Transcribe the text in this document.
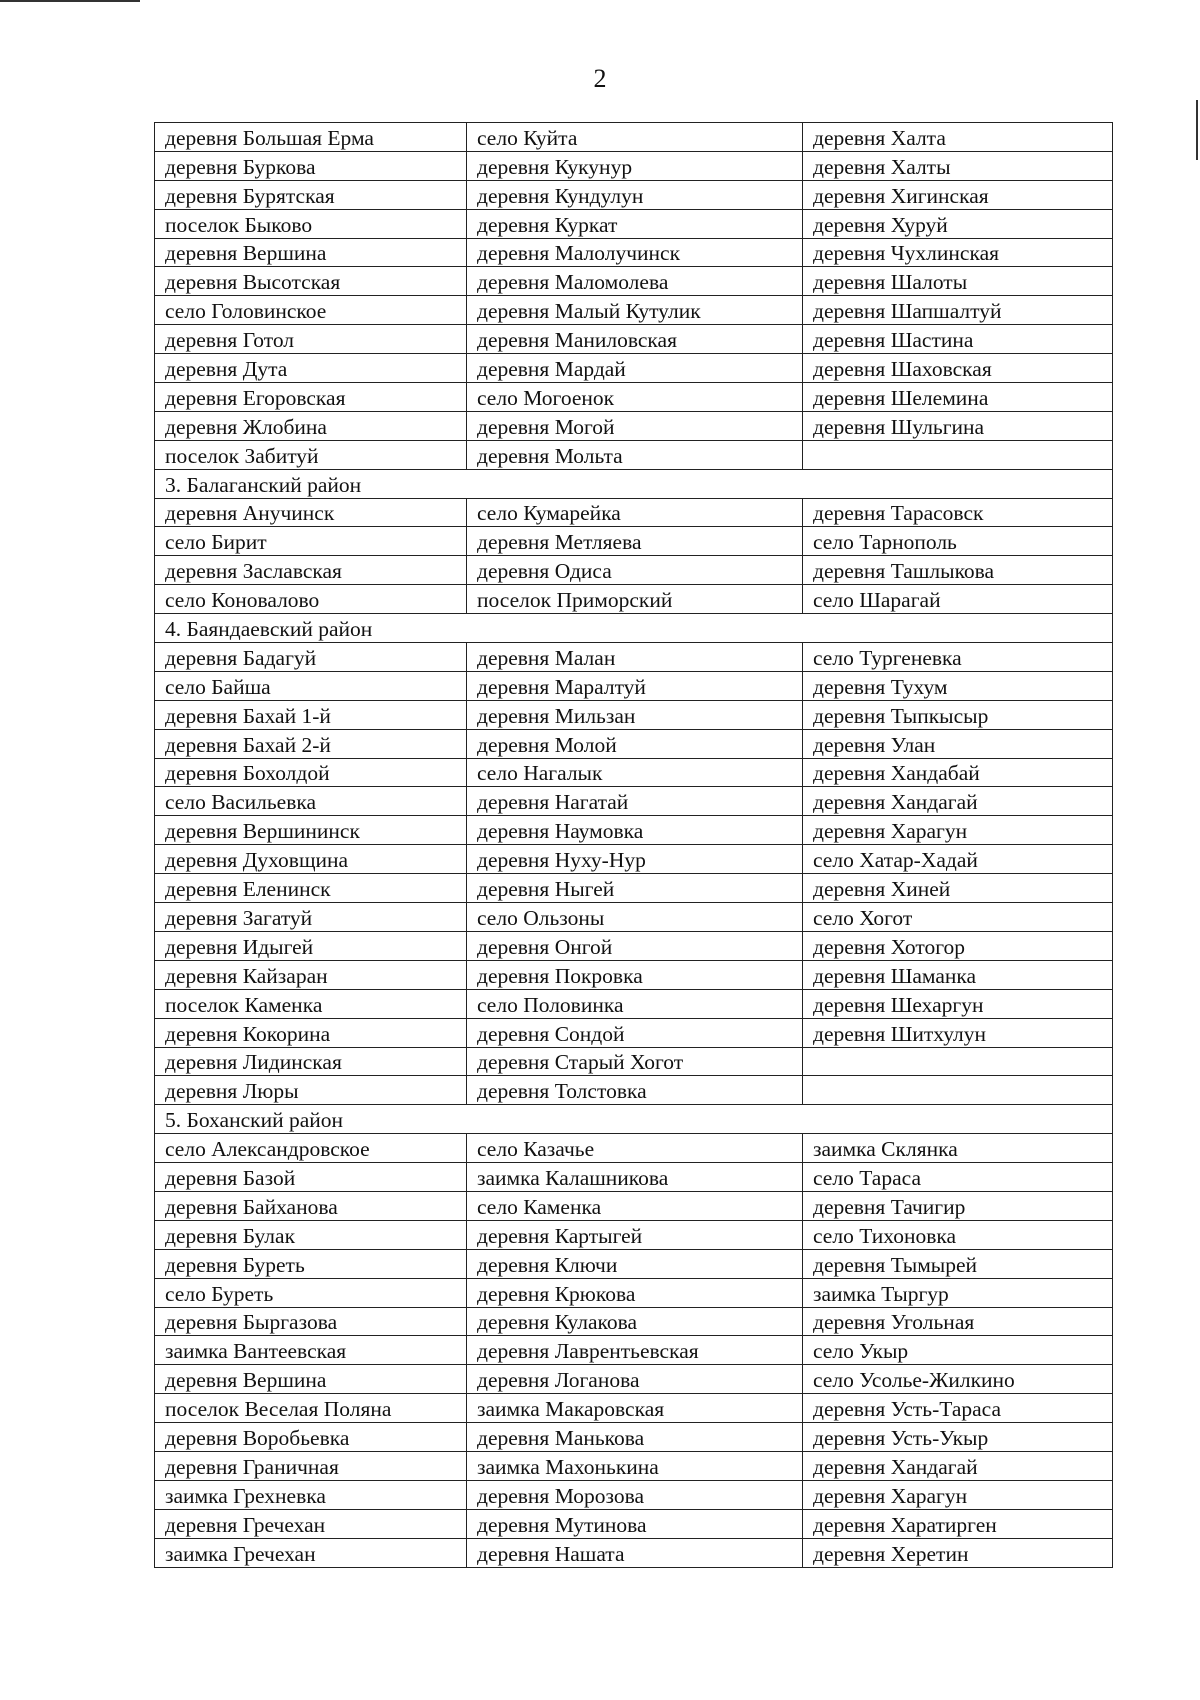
2
деревня Большая Ерма	село Куйта	деревня Халта
деревня Буркова	деревня Кукунур	деревня Халты
деревня Бурятская	деревня Кундулун	деревня Хигинская
поселок Быково	деревня Куркат	деревня Хуруй
деревня Вершина	деревня Малолучинск	деревня Чухлинская
деревня Высотская	деревня Маломолева	деревня Шалоты
село Головинское	деревня Малый Кутулик	деревня Шапшалтуй
деревня Готол	деревня Маниловская	деревня Шастина
деревня Дута	деревня Мардай	деревня Шаховская
деревня Егоровская	село Могоенок	деревня Шелемина
деревня Жлобина	деревня Могой	деревня Шульгина
поселок Забитуй	деревня Мольта	
3. Балаганский район		
деревня Анучинск	село Кумарейка	деревня Тарасовск
село Бирит	деревня Метляева	село Тарнополь
деревня Заславская	деревня Одиса	деревня Ташлыкова
село Коновалово	поселок Приморский	село Шарагай
4. Баяндаевский район		
деревня Бадагуй	деревня Малан	село Тургеневка
село Байша	деревня Маралтуй	деревня Тухум
деревня Бахай 1-й	деревня Мильзан	деревня Тыпкысыр
деревня Бахай 2-й	деревня Молой	деревня Улан
деревня Бохолдой	село Нагалык	деревня Хандабай
село Васильевка	деревня Нагатай	деревня Хандагай
деревня Вершининск	деревня Наумовка	деревня Харагун
деревня Духовщина	деревня Нуху-Нур	село Хатар-Хадай
деревня Еленинск	деревня Ныгей	деревня Хиней
деревня Загатуй	село Ользоны	село Хогот
деревня Идыгей	деревня Онгой	деревня Хотогор
деревня Кайзаран	деревня Покровка	деревня Шаманка
поселок Каменка	село Половинка	деревня Шехаргун
деревня Кокорина	деревня Сондой	деревня Шитхулун
деревня Лидинская	деревня Старый Хогот	
деревня Люры	деревня Толстовка	
5. Боханский район		
село Александровское	село Казачье	заимка Склянка
деревня Базой	заимка Калашникова	село Тараса
деревня Байханова	село Каменка	деревня Тачигир
деревня Булак	деревня Картыгей	село Тихоновка
деревня Буреть	деревня Ключи	деревня Тымырей
село Буреть	деревня Крюкова	заимка Тыргур
деревня Быргазова	деревня Кулакова	деревня Угольная
заимка Вантеевская	деревня Лаврентьевская	село Укыр
деревня Вершина	деревня Логанова	село Усолье-Жилкино
поселок Веселая Поляна	заимка Макаровская	деревня Усть-Тараса
деревня Воробьевка	деревня Манькова	деревня Усть-Укыр
деревня Граничная	заимка Махонькина	деревня Хандагай
заимка Грехневка	деревня Морозова	деревня Харагун
деревня Гречехан	деревня Мутинова	деревня Харатирген
заимка Гречехан	деревня Нашата	деревня Херетин
